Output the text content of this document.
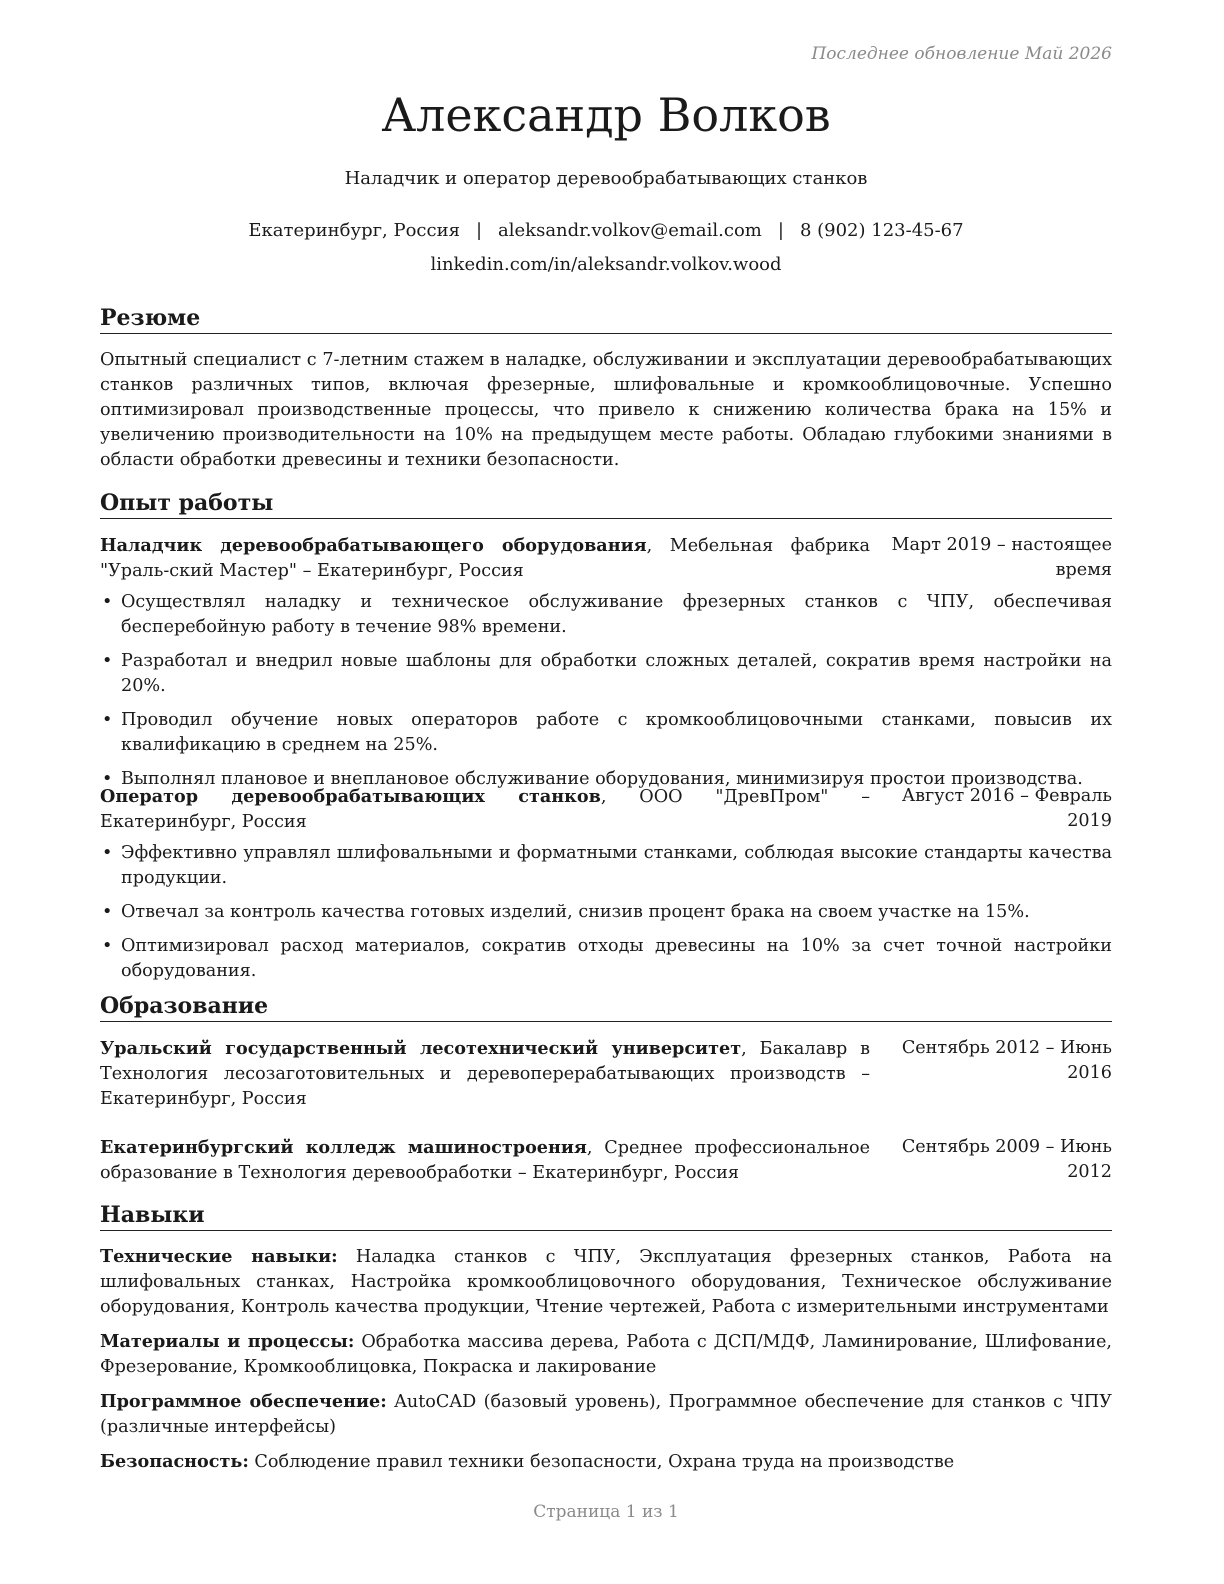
Последнее обновление Май 2026
Александр Волков
Наладчик и оператор деревообрабатывающих станков
Екатеринбург, Россия | aleksandr.volkov@email.com | 8 (902) 123-45-67
linkedin.com/in/aleksandr.volkov.wood
Резюме
Опытный специалист с 7-летним стажем в наладке, обслуживании и эксплуатации деревообрабатывающих станков различных типов, включая фрезерные, шлифовальные и кромкооблицовочные. Успешно оптимизировал производственные процессы, что привело к снижению количества брака на 15% и увеличению производительности на 10% на предыдущем месте работы. Обладаю глубокими знаниями в области обработки древесины и техники безопасности.
Опыт работы
Наладчик деревообрабатывающего оборудования, Мебельная фабрика "Ураль-ский Мастер" – Екатеринбург, Россия
Март 2019 – настоящее время
• Осуществлял наладку и техническое обслуживание фрезерных станков с ЧПУ, обеспечивая бесперебойную работу в течение 98% времени.
• Разработал и внедрил новые шаблоны для обработки сложных деталей, сократив время настройки на 20%.
• Проводил обучение новых операторов работе с кромкооблицовочными станками, повысив их квалификацию в среднем на 25%.
• Выполнял плановое и внеплановое обслуживание оборудования, минимизируя простои производства.
Оператор деревообрабатывающих станков, ООО "ДревПром" – Екатеринбург, Россия
Август 2016 – Февраль 2019
• Эффективно управлял шлифовальными и форматными станками, соблюдая высокие стандарты качества продукции.
• Отвечал за контроль качества готовых изделий, снизив процент брака на своем участке на 15%.
• Оптимизировал расход материалов, сократив отходы древесины на 10% за счет точной настройки оборудования.
Образование
Уральский государственный лесотехнический университет, Бакалавр в Технология лесозаготовительных и деревоперерабатывающих производств – Екатеринбург, Россия
Сентябрь 2012 – Июнь 2016
Екатеринбургский колледж машиностроения, Среднее профессиональное образование в Технология деревообработки – Екатеринбург, Россия
Сентябрь 2009 – Июнь 2012
Навыки

Технические навыки: Наладка станков с ЧПУ, Эксплуатация фрезерных станков, Работа на шлифовальных станках, Настройка кромкооблицовочного оборудования, Техническое обслуживание оборудования, Контроль качества продукции, Чтение чертежей, Работа с измерительными инструментами

Материалы и процессы: Обработка массива дерева, Работа с ДСП/МДФ, Ламинирование, Шлифование, Фрезерование, Кромкооблицовка, Покраска и лакирование

Программное обеспечение: AutoCAD (базовый уровень), Программное обеспечение для станков с ЧПУ (различные интерфейсы)

Безопасность: Соблюдение правил техники безопасности, Охрана труда на производстве

Страница 1 из 1
